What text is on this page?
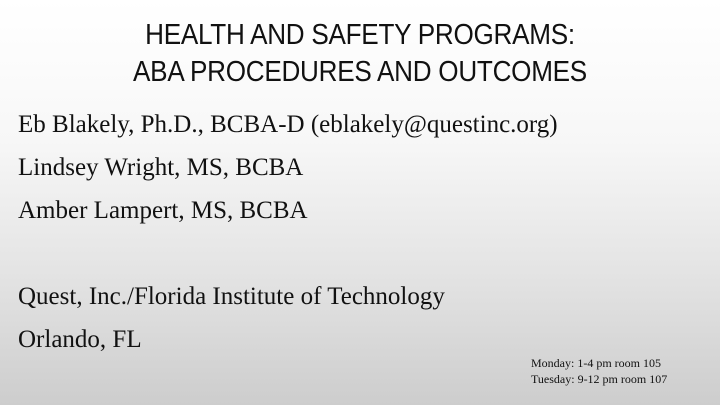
HEALTH AND SAFETY PROGRAMS:
ABA PROCEDURES AND OUTCOMES
Eb Blakely, Ph.D., BCBA-D (eblakely@questinc.org)
Lindsey Wright, MS, BCBA
Amber Lampert, MS, BCBA
Quest, Inc./Florida Institute of Technology
Orlando, FL
Monday: 1-4 pm room 105
Tuesday: 9-12 pm room 107
